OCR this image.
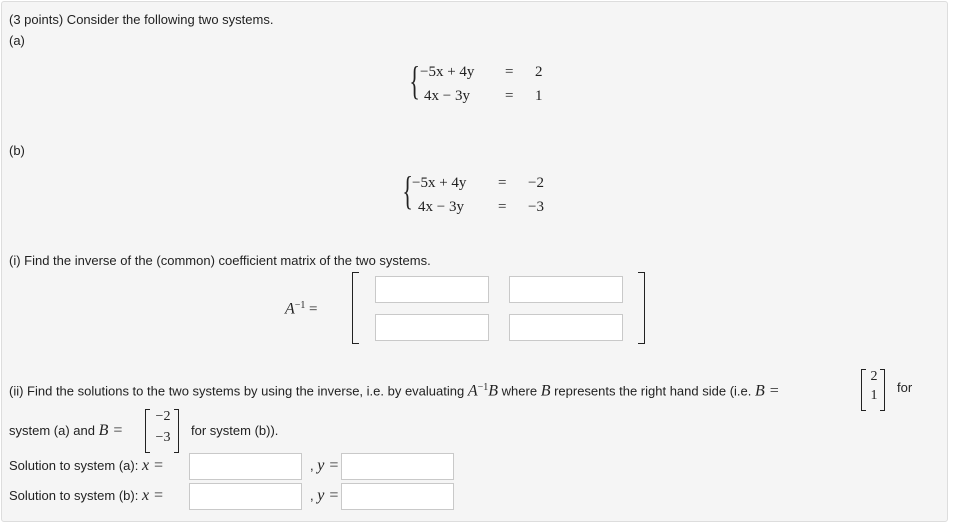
(3 points) Consider the following two systems.
(a)
{ −5x + 4y = 2
4x − 3y = 1
(b)
{ −5x + 4y = −2
4x − 3y = −3
(i) Find the inverse of the (common) coefficient matrix of the two systems.
$A^{-1}$ =
(ii) Find the solutions to the two systems by using the inverse, i.e. by evaluating $A^{-1}B$ where B represents the right hand side (i.e. B =
2
1
for
system (a) and B =
−2
−3	for system (b)).
Solution to system (a): x =	, y =
Solution to system (b): x =	, y =
